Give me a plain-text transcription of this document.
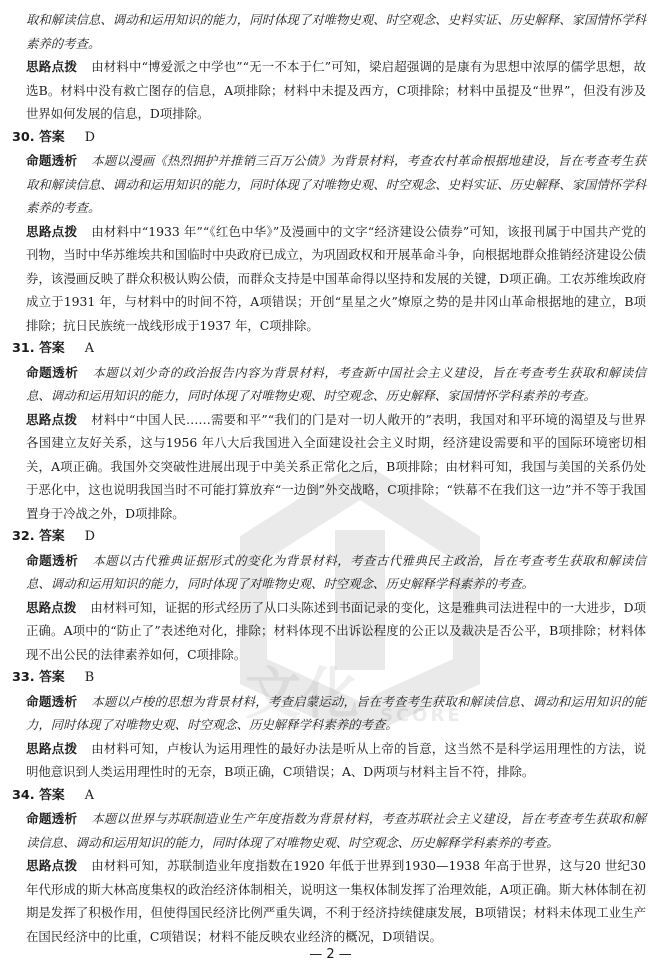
文化	SCORE

取和解读信息、调动和运用知识的能力，同时体现了对唯物史观、时空观念、史料实证、历史解释、家国情怀学科素养的考查。

思路点拨 由材料中“博爱派之中学也”“无一不本于仁”可知，梁启超强调的是康有为思想中浓厚的儒学思想，故选B。材料中没有救亡图存的信息，A项排除；材料中未提及西方，C项排除；材料中虽提及“世界”，但没有涉及世界如何发展的信息，D项排除。

30. 答案 D

命题透析 本题以漫画《热烈拥护并推销三百万公债》为背景材料，考查农村革命根据地建设，旨在考查考生获取和解读信息、调动和运用知识的能力，同时体现了对唯物史观、时空观念、史料实证、历史解释、家国情怀学科素养的考查。

思路点拨 由材料中“1933 年”“《红色中华》”及漫画中的文字“经济建设公债券”可知，该报刊属于中国共产党的刊物，当时中华苏维埃共和国临时中央政府已成立，为巩固政权和开展革命斗争，向根据地群众推销经济建设公债券，该漫画反映了群众积极认购公债，而群众支持是中国革命得以坚持和发展的关键，D项正确。工农苏维埃政府成立于1931 年，与材料中的时间不符，A项错误；开创“星星之火”燎原之势的是井冈山革命根据地的建立，B项排除；抗日民族统一战线形成于1937 年，C项排除。

31. 答案 A

命题透析 本题以刘少奇的政治报告内容为背景材料，考查新中国社会主义建设，旨在考查考生获取和解读信息、调动和运用知识的能力，同时体现了对唯物史观、时空观念、历史解释、家国情怀学科素养的考查。

思路点拨 材料中“中国人民……需要和平”“我们的门是对一切人敞开的”表明，我国对和平环境的渴望及与世界各国建立友好关系，这与1956 年八大后我国进入全面建设社会主义时期，经济建设需要和平的国际环境密切相关，A项正确。我国外交突破性进展出现于中美关系正常化之后，B项排除；由材料可知，我国与美国的关系仍处于恶化中，这也说明我国当时不可能打算放弃“一边倒”外交战略，C项排除；“铁幕不在我们这一边”并不等于我国置身于冷战之外，D项排除。

32. 答案 D

命题透析 本题以古代雅典证据形式的变化为背景材料，考查古代雅典民主政治，旨在考查考生获取和解读信息、调动和运用知识的能力，同时体现了对唯物史观、时空观念、历史解释学科素养的考查。

思路点拨 由材料可知，证据的形式经历了从口头陈述到书面记录的变化，这是雅典司法进程中的一大进步，D项正确。A项中的“防止了”表述绝对化，排除；材料体现不出诉讼程度的公正以及裁决是否公平，B项排除；材料体现不出公民的法律素养如何，C项排除。

33. 答案 B

命题透析 本题以卢梭的思想为背景材料，考查启蒙运动，旨在考查考生获取和解读信息、调动和运用知识的能力，同时体现了对唯物史观、时空观念、历史解释学科素养的考查。

思路点拨 由材料可知，卢梭认为运用理性的最好办法是听从上帝的旨意，这当然不是科学运用理性的方法，说明他意识到人类运用理性时的无奈，B项正确，C项错误；A、D两项与材料主旨不符，排除。

34. 答案 A

命题透析 本题以世界与苏联制造业生产年度指数为背景材料，考查苏联社会主义建设，旨在考查考生获取和解读信息、调动和运用知识的能力，同时体现了对唯物史观、时空观念、历史解释学科素养的考查。

思路点拨 由材料可知，苏联制造业年度指数在1920 年低于世界到1930—1938 年高于世界，这与20 世纪30 年代形成的斯大林高度集权的政治经济体制相关，说明这一集权体制发挥了治理效能，A项正确。斯大林体制在初期是发挥了积极作用，但使得国民经济比例严重失调，不利于经济持续健康发展，B项错误；材料未体现工业生产在国民经济中的比重，C项错误；材料不能反映农业经济的概况，D项错误。

— 2 —
